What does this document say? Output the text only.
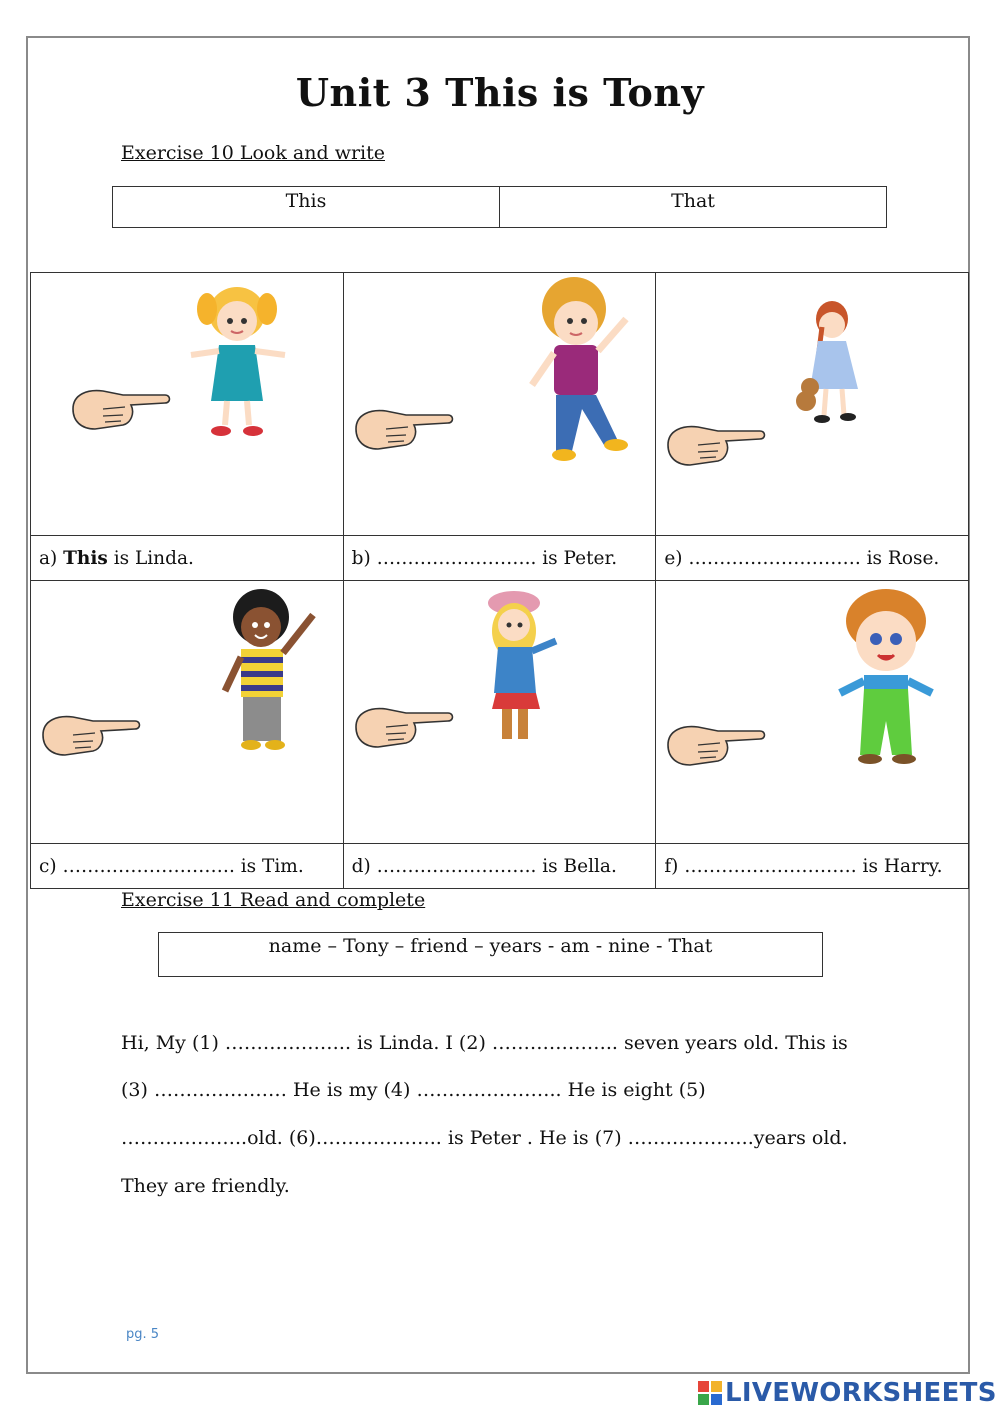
Unit 3 This is Tony
Exercise 10 Look and write
This	That

a) This is Linda.	b) …………………….. is Peter.	e) ………………………. is Rose.

c) ………………………. is Tim.	d) …………………….. is Bella.	f) ………………………. is Harry.
Exercise 11 Read and complete
name – Tony – friend – years - am - nine - That
Hi, My (1) ……………….. is Linda. I (2) ……………….. seven years old. This is
(3) ………………… He is my (4) ………………….. He is eight (5)
………………..old. (6)……………….. is Peter . He is (7) ………………..years old.
They are friendly.
pg. 5
LIVEWORKSHEETS
